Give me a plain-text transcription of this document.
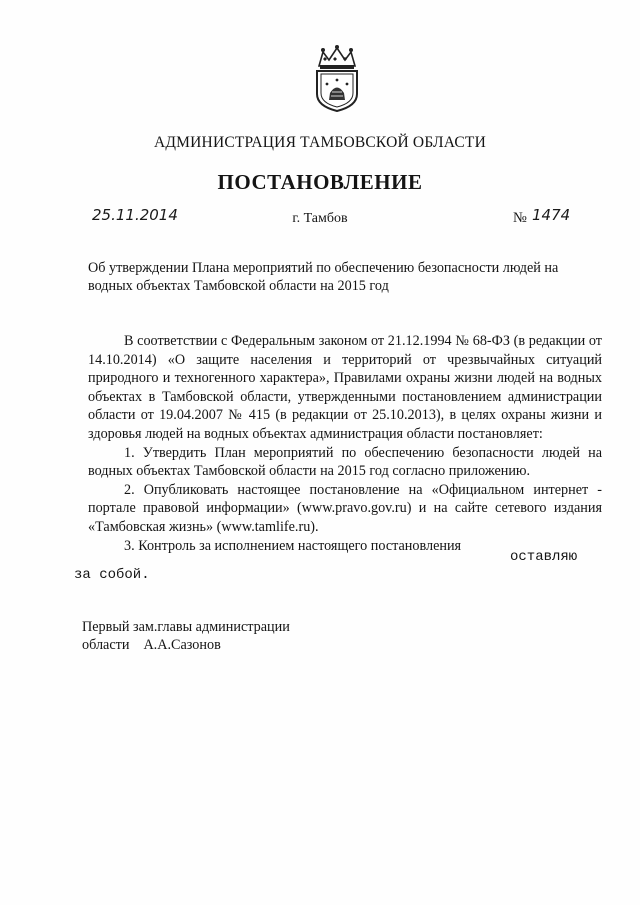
АДМИНИСТРАЦИЯ ТАМБОВСКОЙ ОБЛАСТИ
ПОСТАНОВЛЕНИЕ
25.11.2014	г. Тамбов	№ 1474
Об утверждении Плана мероприятий по обеспечению безопасности людей на водных объектах Тамбовской области на 2015 год

В соответствии с Федеральным законом от 21.12.1994 № 68-ФЗ (в редакции от 14.10.2014) «О защите населения и территорий от чрезвычайных ситуаций природного и техногенного характера», Правилами охраны жизни людей на водных объектах в Тамбовской области, утвержденными постановлением администрации области от 19.04.2007 № 415 (в редакции от 25.10.2013), в целях охраны жизни и здоровья людей на водных объектах администрация области постановляет:

1. Утвердить План мероприятий по обеспечению безопасности людей на водных объектах Тамбовской области на 2015 год согласно приложению.

2. Опубликовать настоящее постановление на «Официальном интернет - портале правовой информации» (www.pravo.gov.ru) и на сайте сетевого издания «Тамбовская жизнь» (www.tamlife.ru).

3. Контроль за исполнением настоящего постановления

оставляю
за собой.
Первый зам.главы администрации
области А.А.Сазонов
